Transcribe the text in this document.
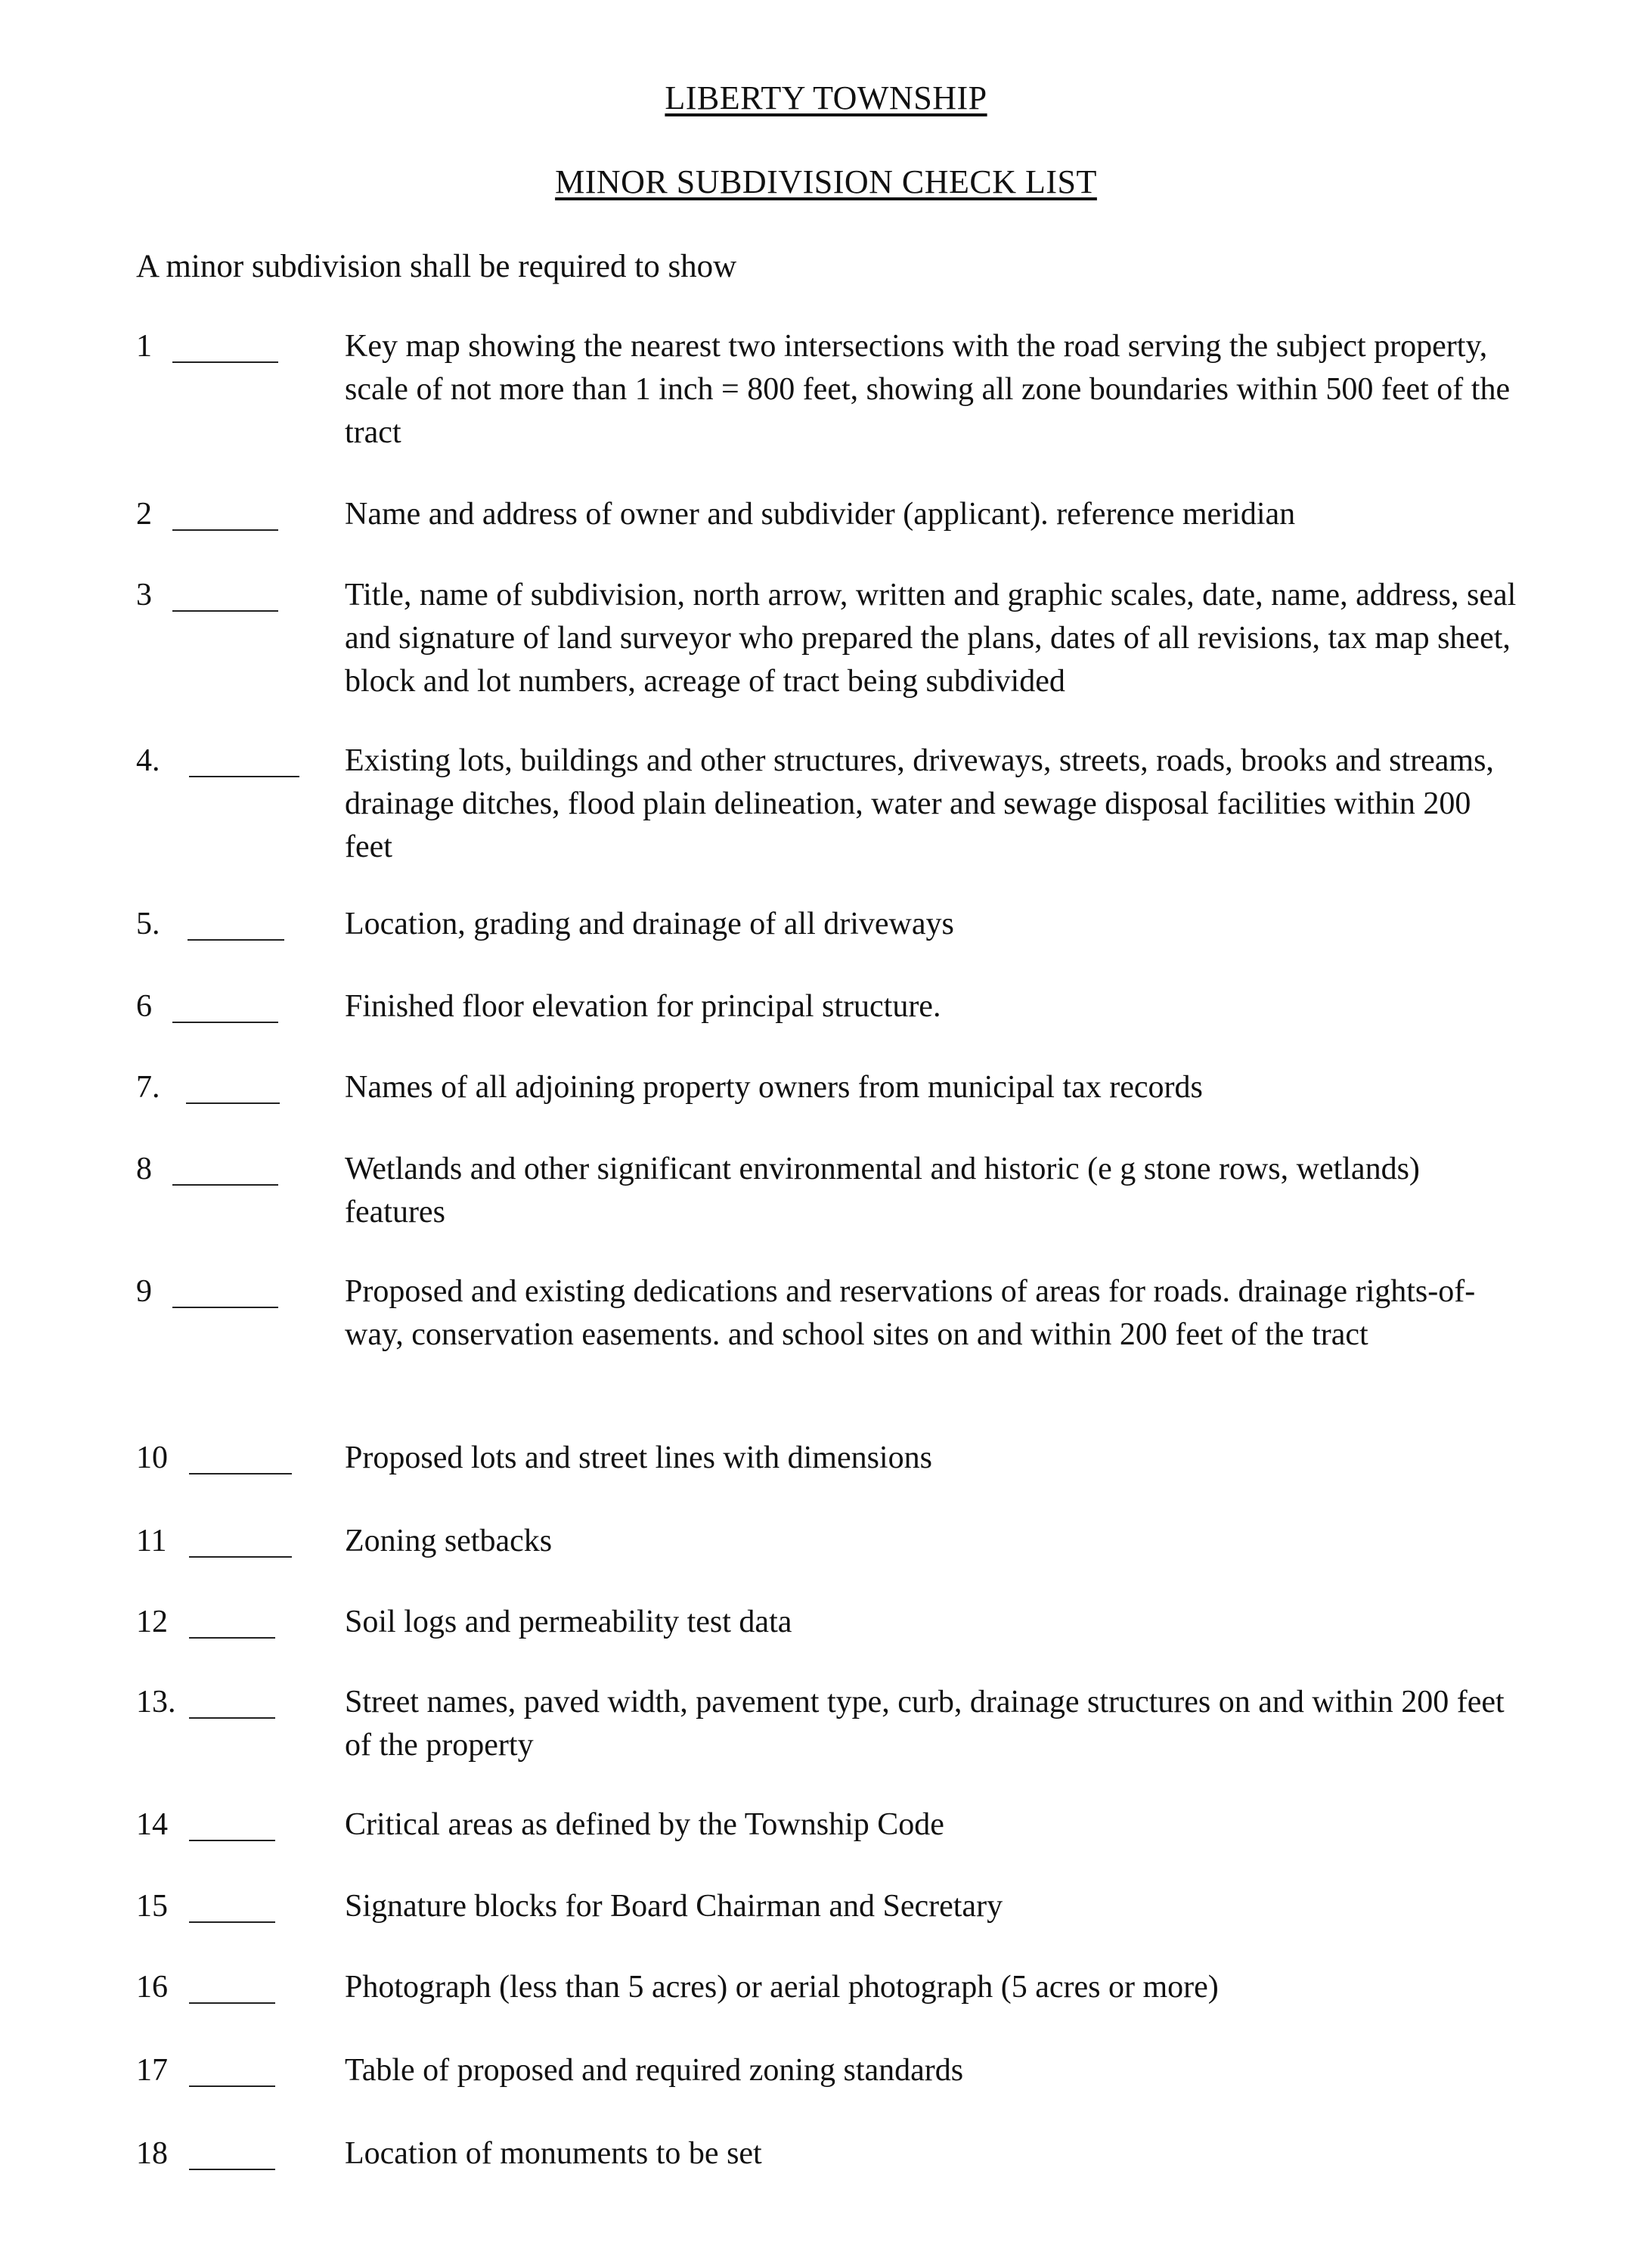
LIBERTY TOWNSHIP
MINOR SUBDIVISION CHECK LIST
A minor subdivision shall be required to show
1	Key map showing the nearest two intersections with the road serving the subject property, scale of not more than 1 inch = 800 feet, showing all zone boundaries within 500 feet of the tract
2	Name and address of owner and subdivider (applicant). reference meridian
3	Title, name of subdivision, north arrow, written and graphic scales, date, name, address, seal and signature of land surveyor who prepared the plans, dates of all revisions, tax map sheet, block and lot numbers, acreage of tract being subdivided
4.	Existing lots, buildings and other structures, driveways, streets, roads, brooks and streams, drainage ditches, flood plain delineation, water and sewage disposal facilities within 200 feet
5.	Location, grading and drainage of all driveways
6	Finished floor elevation for principal structure.
7.	Names of all adjoining property owners from municipal tax records
8	Wetlands and other significant environmental and historic (e g stone rows, wetlands) features
9	Proposed and existing dedications and reservations of areas for roads. drainage rights-of-way, conservation easements. and school sites on and within 200 feet of the tract
10	Proposed lots and street lines with dimensions
11	Zoning setbacks
12	Soil logs and permeability test data
13.	Street names, paved width, pavement type, curb, drainage structures on and within 200 feet of the property
14	Critical areas as defined by the Township Code
15	Signature blocks for Board Chairman and Secretary
16	Photograph (less than 5 acres) or aerial photograph (5 acres or more)
17	Table of proposed and required zoning standards
18	Location of monuments to be set
